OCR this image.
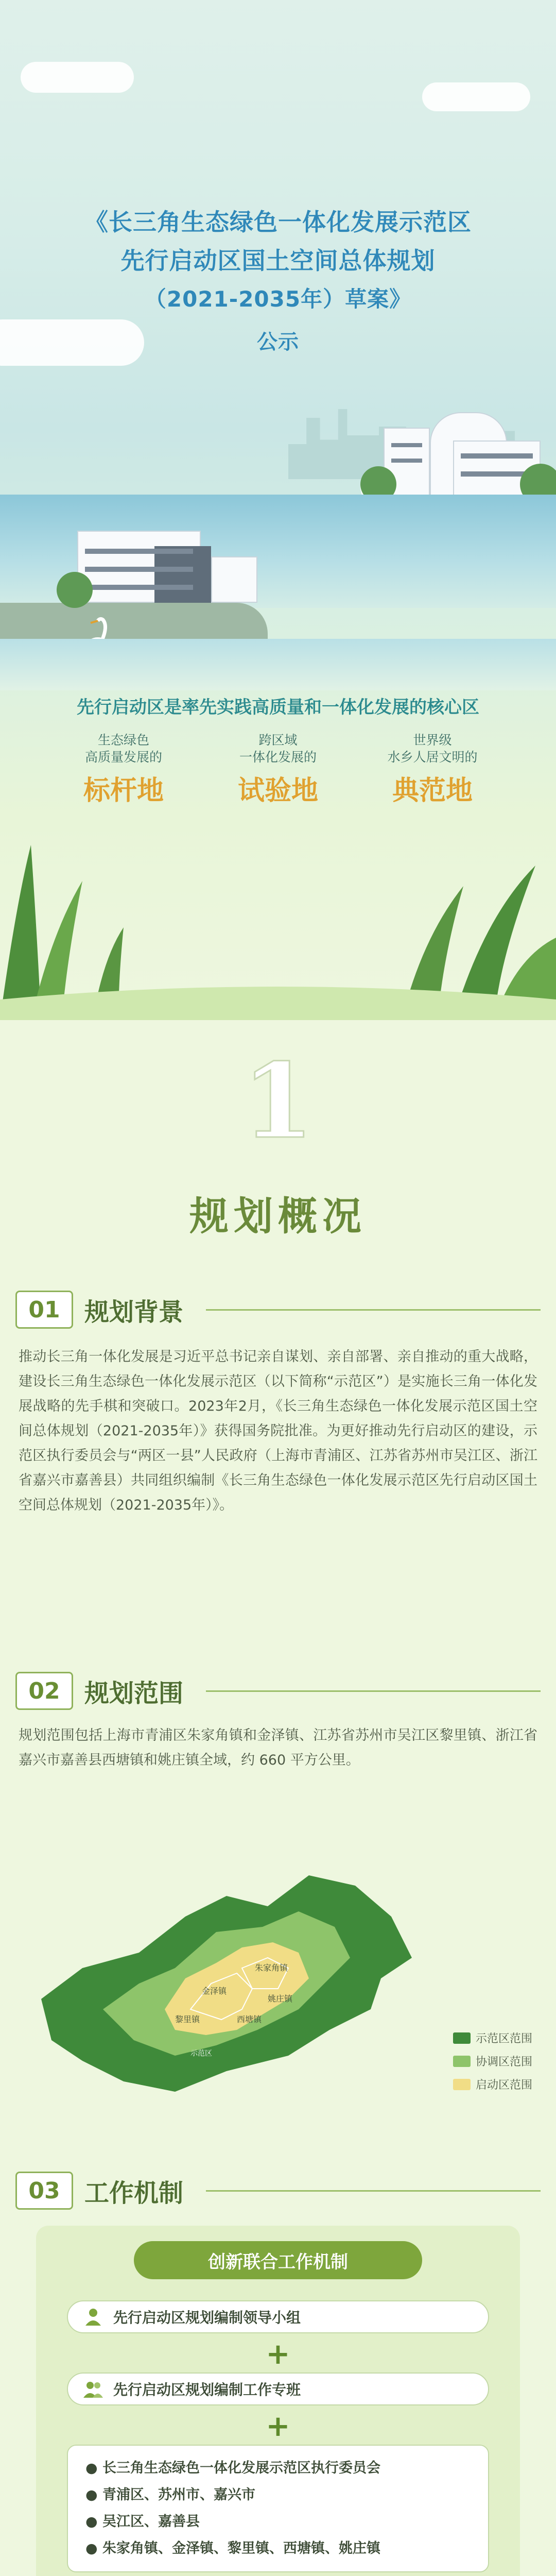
《长三角生态绿色一体化发展示范区
先行启动区国土空间总体规划
（2021-2035年）草案》
公示
先行启动区是率先实践高质量和一体化发展的核心区
生态绿色
高质量发展的
标杆地
跨区域
一体化发展的
试验地
世界级
水乡人居文明的
典范地
1
规划概况
01 规划背景
推动长三角一体化发展是习近平总书记亲自谋划、亲自部署、亲自推动的重大战略，建设长三角生态绿色一体化发展示范区（以下简称“示范区”）是实施长三角一体化发展战略的先手棋和突破口。2023年2月，《长三角生态绿色一体化发展示范区国土空间总体规划（2021-2035年）》获得国务院批准。为更好推动先行启动区的建设，示范区执行委员会与“两区一县”人民政府（上海市青浦区、江苏省苏州市吴江区、浙江省嘉兴市嘉善县）共同组织编制《长三角生态绿色一体化发展示范区先行启动区国土空间总体规划（2021-2035年）》。
02 规划范围
规划范围包括上海市青浦区朱家角镇和金泽镇、江苏省苏州市吴江区黎里镇、浙江省嘉兴市嘉善县西塘镇和姚庄镇全域，约 660 平方公里。
金泽镇
朱家角镇
黎里镇	西塘镇
姚庄镇
示范区
示范区范围
协调区范围
启动区范围
03 工作机制
创新联合工作机制
先行启动区规划编制领导小组
+
先行启动区规划编制工作专班
+
● 长三角生态绿色一体化发展示范区执行委员会
● 青浦区、苏州市、嘉兴市
● 吴江区、嘉善县
● 朱家角镇、金泽镇、黎里镇、西塘镇、姚庄镇
